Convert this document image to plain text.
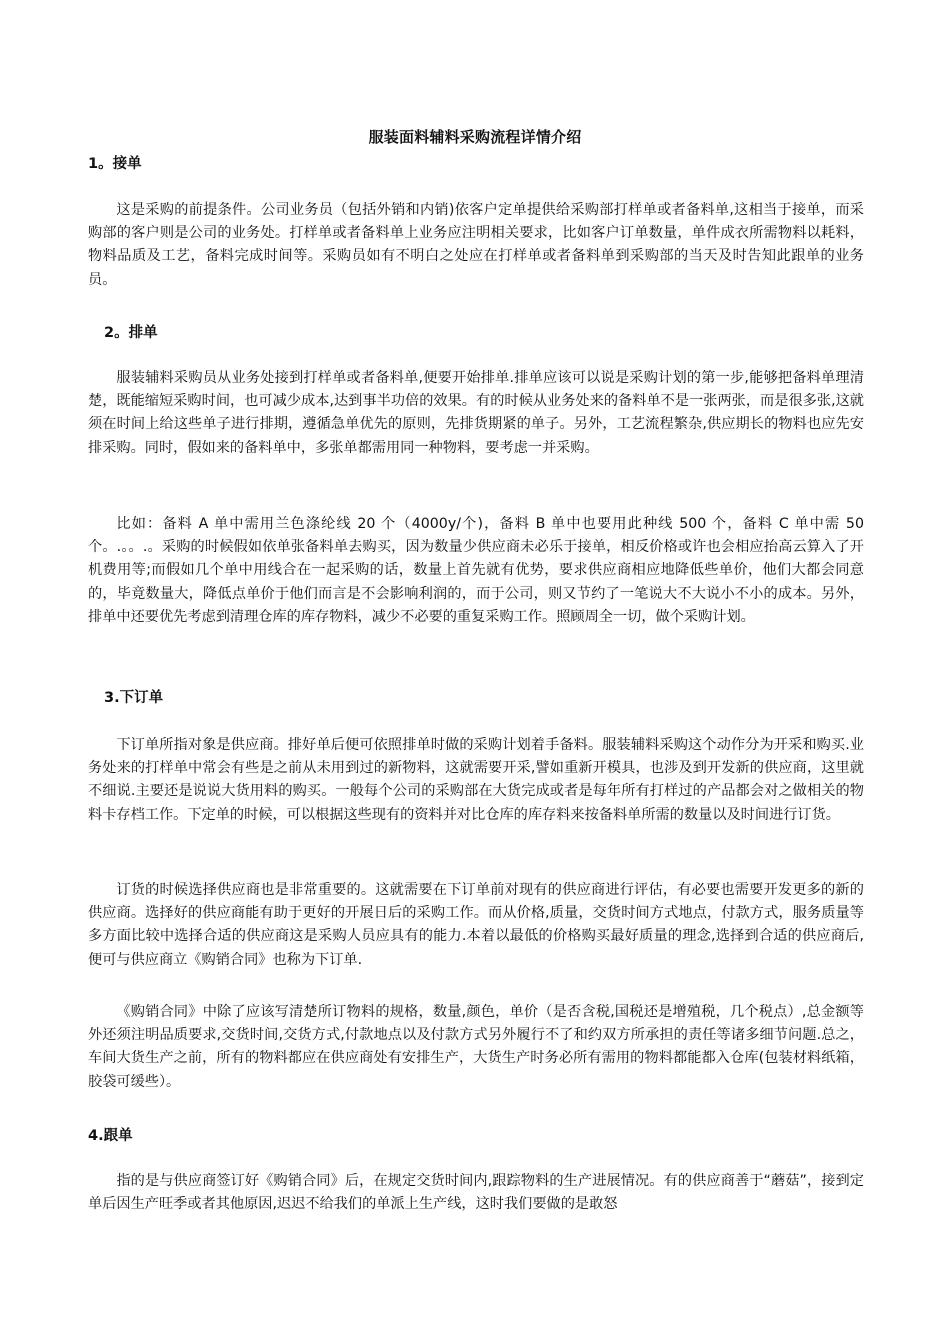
服装面料辅料采购流程详情介绍
1。接单
这是采购的前提条件。公司业务员（包括外销和内销)依客户定单提供给采购部打样单或者备料单,这相当于接单，而采购部的客户则是公司的业务处。打样单或者备料单上业务应注明相关要求，比如客户订单数量，单件成衣所需物料以耗料，物料品质及工艺，备料完成时间等。采购员如有不明白之处应在打样单或者备料单到采购部的当天及时告知此跟单的业务员。
2。排单
服装辅料采购员从业务处接到打样单或者备料单,便要开始排单.排单应该可以说是采购计划的第一步,能够把备料单理清楚，既能缩短采购时间，也可减少成本,达到事半功倍的效果。有的时候从业务处来的备料单不是一张两张，而是很多张,这就须在时间上给这些单子进行排期，遵循急单优先的原则，先排货期紧的单子。另外，工艺流程繁杂,供应期长的物料也应先安排采购。同时，假如来的备料单中，多张单都需用同一种物料，要考虑一并采购。
比如：备料 A 单中需用兰色涤纶线 20 个（4000y/个)，备料 B 单中也要用此种线 500 个，备料 C 单中需 50 个。.。。.。采购的时候假如依单张备料单去购买，因为数量少供应商未必乐于接单，相反价格或许也会相应抬高云算入了开机费用等;而假如几个单中用线合在一起采购的话，数量上首先就有优势，要求供应商相应地降低些单价，他们大都会同意的，毕竟数量大，降低点单价于他们而言是不会影响利润的，而于公司，则又节约了一笔说大不大说小不小的成本。另外，排单中还要优先考虑到清理仓库的库存物料，减少不必要的重复采购工作。照顾周全一切，做个采购计划。
3.下订单
下订单所指对象是供应商。排好单后便可依照排单时做的采购计划着手备料。服装辅料采购这个动作分为开采和购买.业务处来的打样单中常会有些是之前从未用到过的新物料，这就需要开采,譬如重新开模具，也涉及到开发新的供应商，这里就不细说.主要还是说说大货用料的购买。一般每个公司的采购部在大货完成或者是每年所有打样过的产品都会对之做相关的物料卡存档工作。下定单的时候，可以根据这些现有的资料并对比仓库的库存料来按备料单所需的数量以及时间进行订货。
订货的时候选择供应商也是非常重要的。这就需要在下订单前对现有的供应商进行评估，有必要也需要开发更多的新的供应商。选择好的供应商能有助于更好的开展日后的采购工作。而从价格,质量，交货时间方式地点，付款方式，服务质量等多方面比较中选择合适的供应商这是采购人员应具有的能力.本着以最低的价格购买最好质量的理念,选择到合适的供应商后,便可与供应商立《购销合同》也称为下订单.
《购销合同》中除了应该写清楚所订物料的规格，数量,颜色，单价（是否含税,国税还是增殖税，几个税点）,总金额等外还须注明品质要求,交货时间,交货方式,付款地点以及付款方式另外履行不了和约双方所承担的责任等诸多细节问题.总之，车间大货生产之前，所有的物料都应在供应商处有安排生产，大货生产时务必所有需用的物料都能都入仓库(包装材料纸箱，胶袋可缓些）。
4.跟单
指的是与供应商签订好《购销合同》后，在规定交货时间内,跟踪物料的生产进展情况。有的供应商善于“蘑菇”，接到定单后因生产旺季或者其他原因,迟迟不给我们的单派上生产线，这时我们要做的是敢怒
